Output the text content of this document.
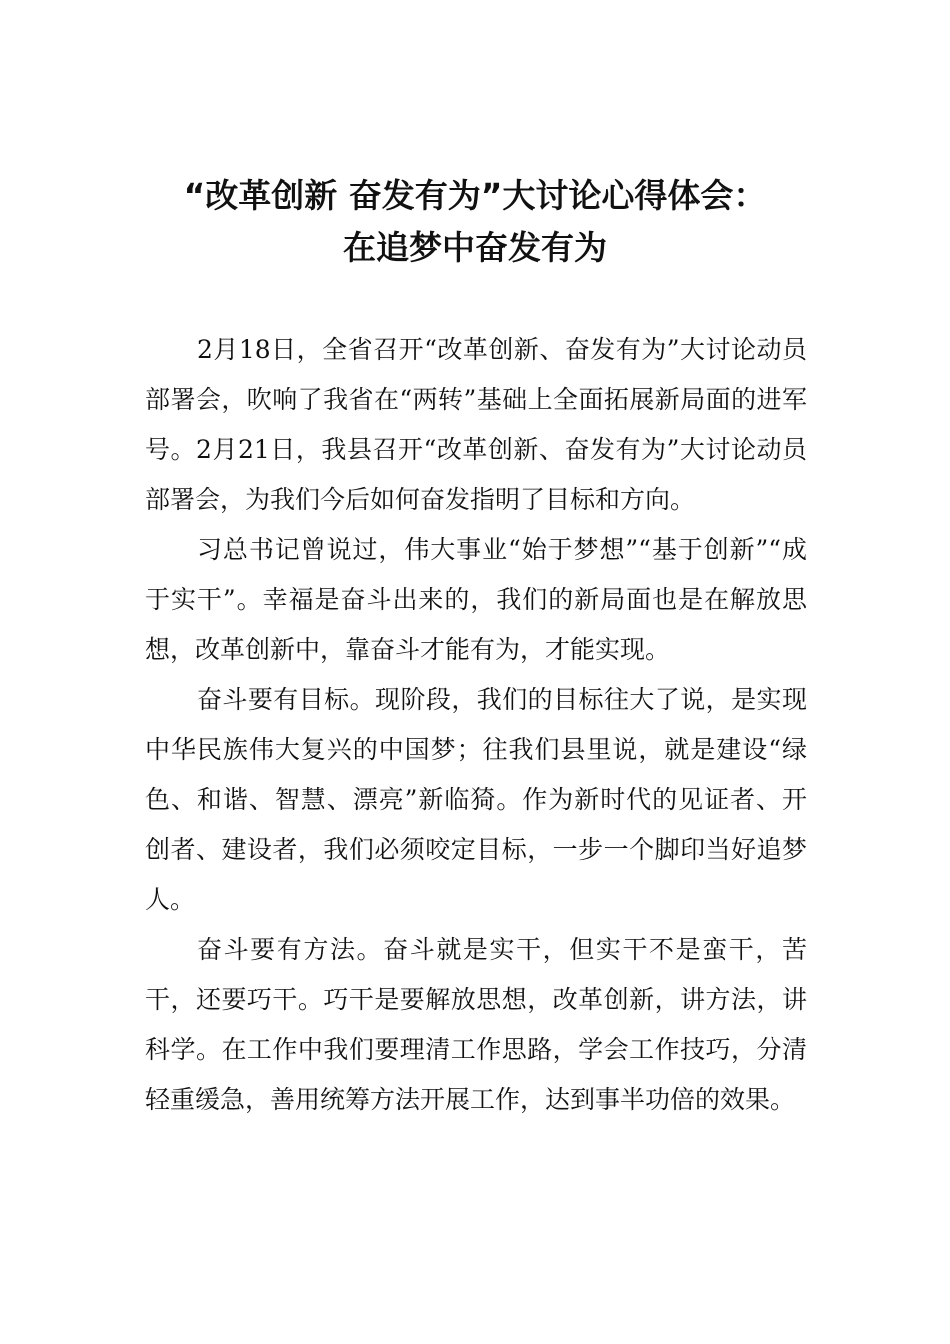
“改革创新 奋发有为”大讨论心得体会：
在追梦中奋发有为

2月18日，全省召开“改革创新、奋发有为”大讨论动员部署会，吹响了我省在“两转”基础上全面拓展新局面的进军号。2月21日，我县召开“改革创新、奋发有为”大讨论动员部署会，为我们今后如何奋发指明了目标和方向。

习总书记曾说过，伟大事业“始于梦想”“基于创新”“成于实干”。幸福是奋斗出来的，我们的新局面也是在解放思想，改革创新中，靠奋斗才能有为，才能实现。

奋斗要有目标。现阶段，我们的目标往大了说，是实现中华民族伟大复兴的中国梦；往我们县里说，就是建设“绿色、和谐、智慧、漂亮”新临猗。作为新时代的见证者、开创者、建设者，我们必须咬定目标，一步一个脚印当好追梦人。

奋斗要有方法。奋斗就是实干，但实干不是蛮干，苦干，还要巧干。巧干是要解放思想，改革创新，讲方法，讲科学。在工作中我们要理清工作思路，学会工作技巧，分清轻重缓急，善用统筹方法开展工作，达到事半功倍的效果。
